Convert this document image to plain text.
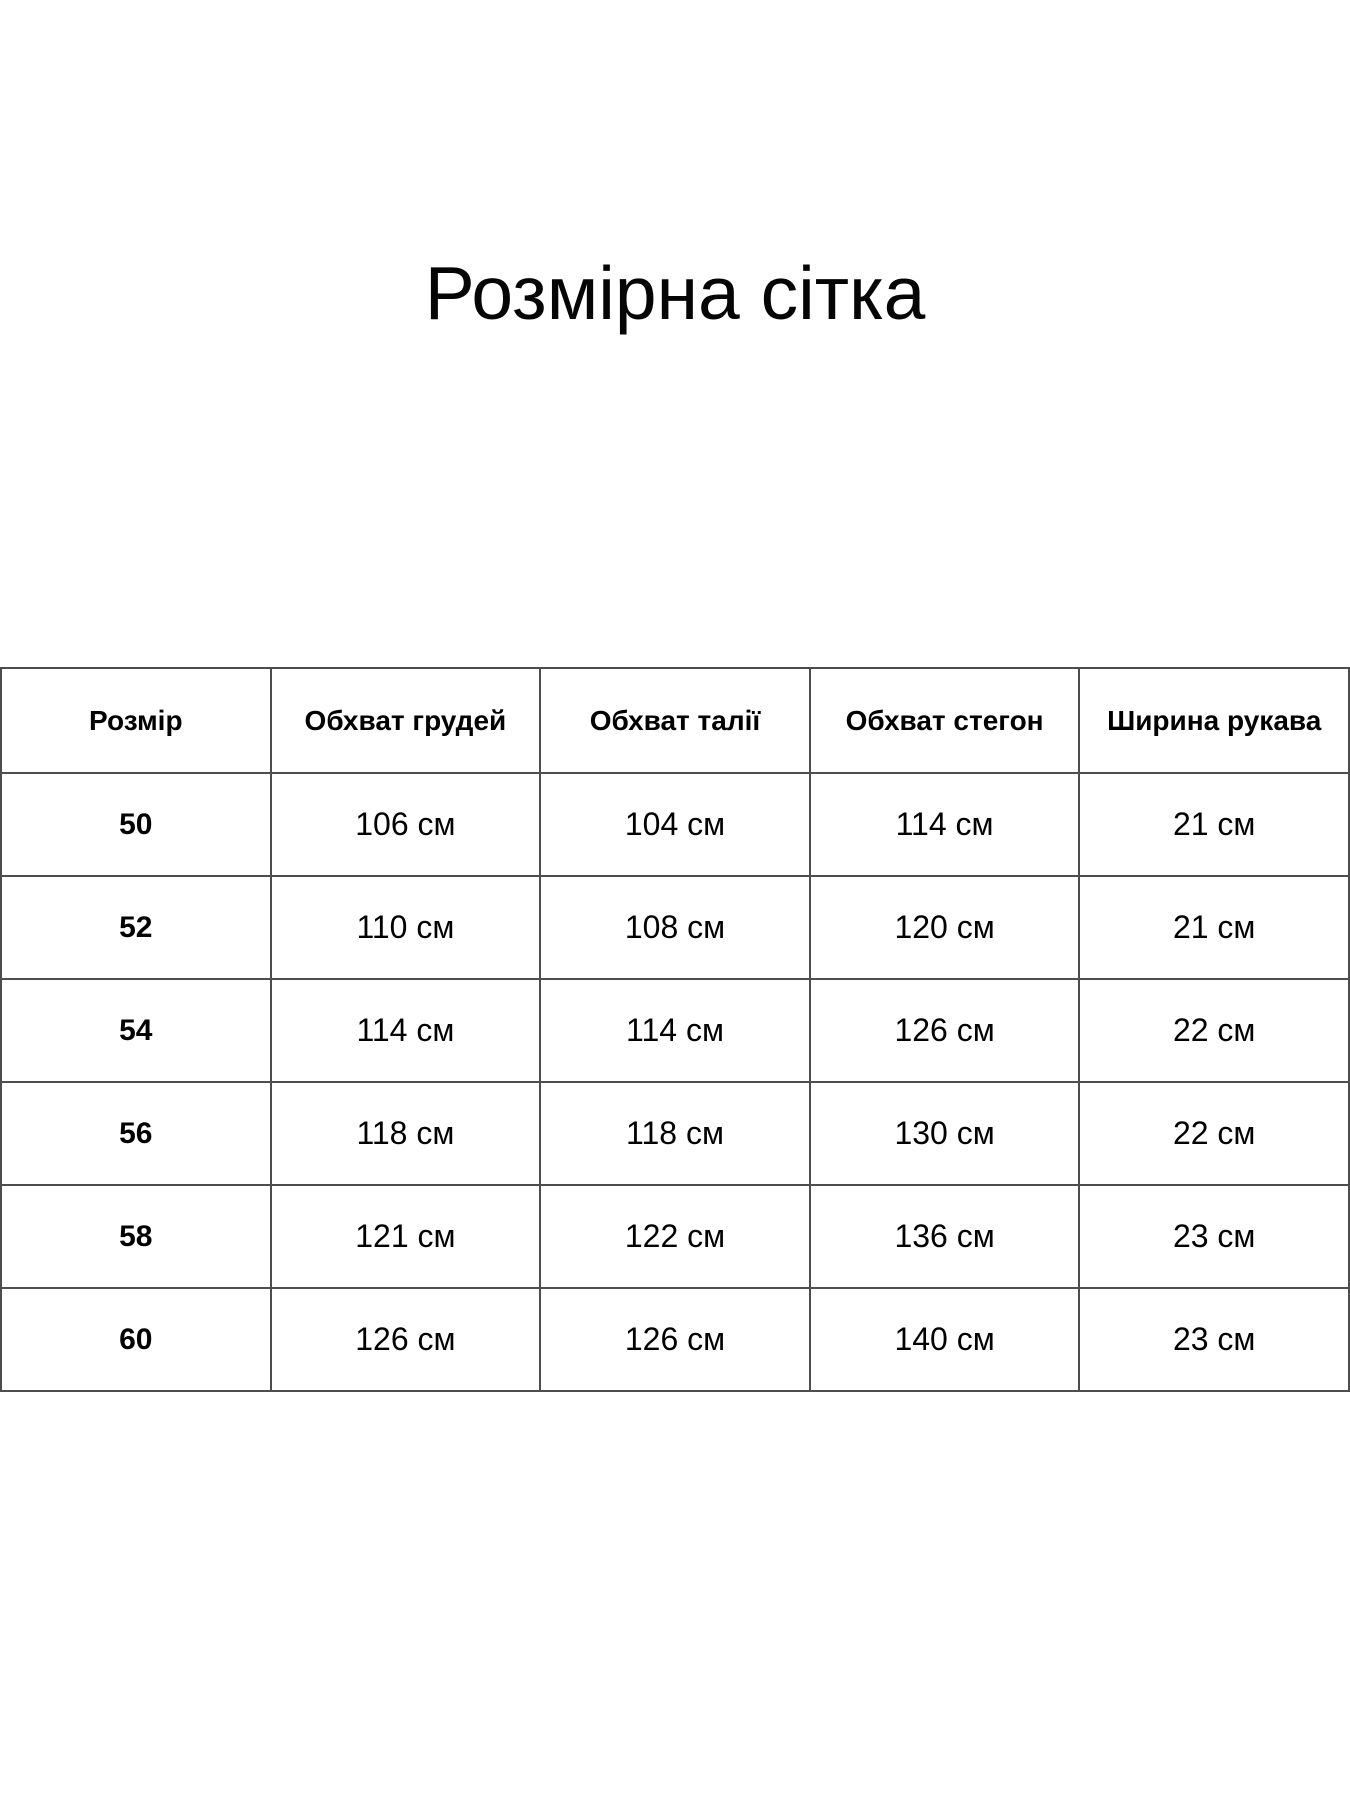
Розмірна сітка
Розмір	Обхват грудей	Обхват талії	Обхват стегон	Ширина рукава
50	106 см	104 см	114 см	21 см
52	110 см	108 см	120 см	21 см
54	114 см	114 см	126 см	22 см
56	118 см	118 см	130 см	22 см
58	121 см	122 см	136 см	23 см
60	126 см	126 см	140 см	23 см
